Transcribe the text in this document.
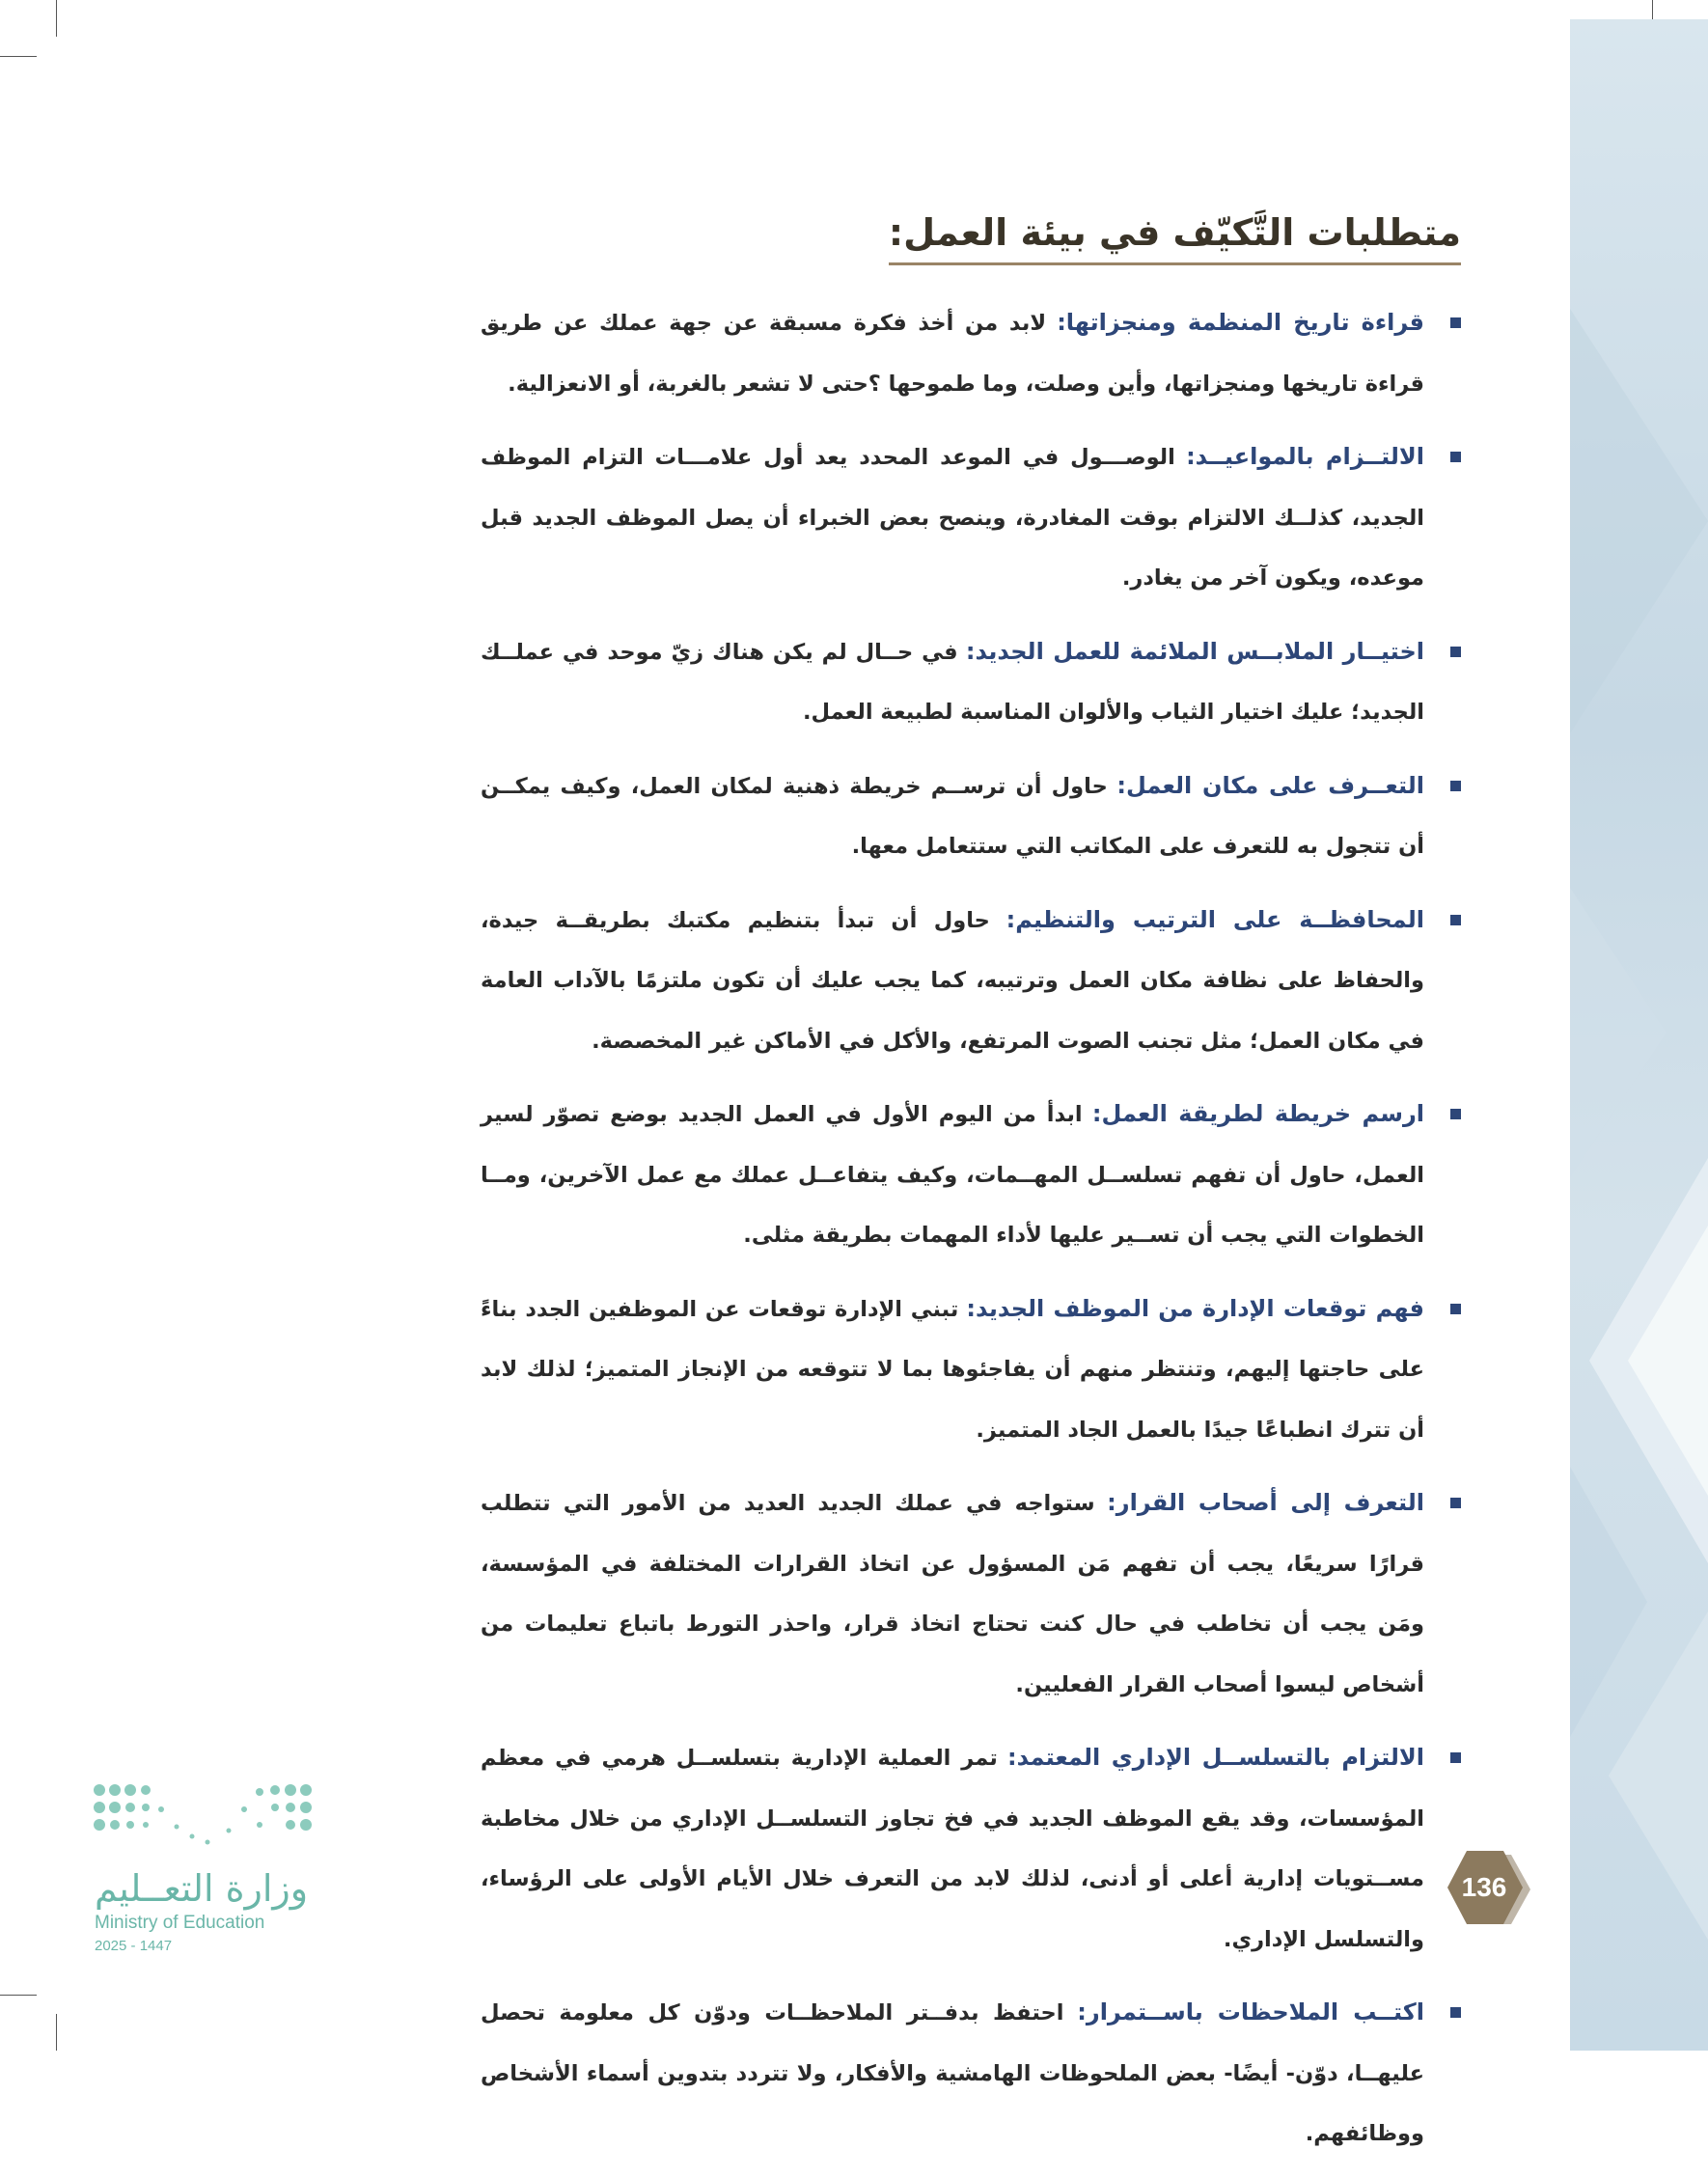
متطلبات التَّكيّف في بيئة العمل:
قراءة تاريخ المنظمة ومنجزاتها: لابد من أخذ فكرة مسبقة عن جهة عملك عن طريق قراءة تاريخها ومنجزاتها، وأين وصلت، وما طموحها ؟حتى لا تشعر بالغربة، أو الانعزالية.
الالتــزام بالمواعيــد: الوصـــول في الموعد المحدد يعد أول علامـــات التزام الموظف الجديد، كذلــك الالتزام بوقت المغادرة، وينصح بعض الخبراء أن يصل الموظف الجديد قبل موعده، ويكون آخر من يغادر.
اختيــار الملابــس الملائمة للعمل الجديد: في حــال لم يكن هناك زيّ موحد في عملــك الجديد؛ عليك اختيار الثياب والألوان المناسبة لطبيعة العمل.
التعــرف على مكان العمل: حاول أن ترســم خريطة ذهنية لمكان العمل، وكيف يمكــن أن تتجول به للتعرف على المكاتب التي ستتعامل معها.
المحافظــة على الترتيب والتنظيم: حاول أن تبدأ بتنظيم مكتبك بطريقــة جيدة، والحفاظ على نظافة مكان العمل وترتيبه، كما يجب عليك أن تكون ملتزمًا بالآداب العامة في مكان العمل؛ مثل تجنب الصوت المرتفع، والأكل في الأماكن غير المخصصة.
ارسم خريطة لطريقة العمل: ابدأ من اليوم الأول في العمل الجديد بوضع تصوّر لسير العمل، حاول أن تفهم تسلســل المهــمات، وكيف يتفاعــل عملك مع عمل الآخرين، ومــا الخطوات التي يجب أن تســير عليها لأداء المهمات بطريقة مثلى.
فهم توقعات الإدارة من الموظف الجديد: تبني الإدارة توقعات عن الموظفين الجدد بناءً على حاجتها إليهم، وتنتظر منهم أن يفاجئوها بما لا تتوقعه من الإنجاز المتميز؛ لذلك لابد أن تترك انطباعًا جيدًا بالعمل الجاد المتميز.
التعرف إلى أصحاب القرار: ستواجه في عملك الجديد العديد من الأمور التي تتطلب قرارًا سريعًا، يجب أن تفهم مَن المسؤول عن اتخاذ القرارات المختلفة في المؤسسة، ومَن يجب أن تخاطب في حال كنت تحتاج اتخاذ قرار، واحذر التورط باتباع تعليمات من أشخاص ليسوا أصحاب القرار الفعليين.
الالتزام بالتسلســل الإداري المعتمد: تمر العملية الإدارية بتسلســل هرمي في معظم المؤسسات، وقد يقع الموظف الجديد في فخ تجاوز التسلســل الإداري من خلال مخاطبة مســتويات إدارية أعلى أو أدنى، لذلك لابد من التعرف خلال الأيام الأولى على الرؤساء، والتسلسل الإداري.
اكتــب الملاحظات باســتمرار: احتفظ بدفــتر الملاحظــات ودوّن كل معلومة تحصل عليهــا، دوّن- أيضًا- بعض الملحوظات الهامشية والأفكار، ولا تتردد بتدوين أسماء الأشخاص ووظائفهم.
وزارة التعــليم
Ministry of Education
2025 - 1447
136
